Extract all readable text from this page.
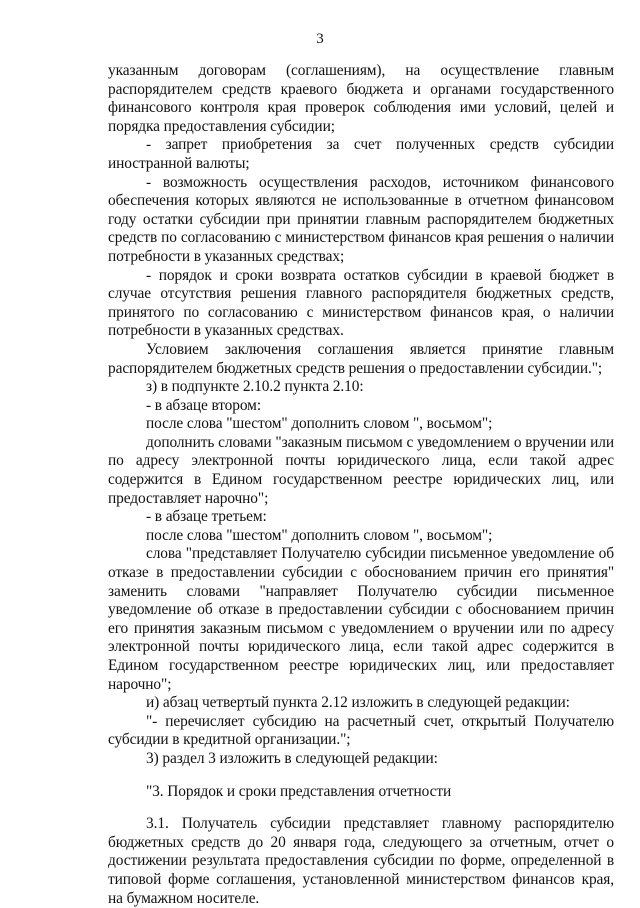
3

указанным договорам (соглашениям), на осуществление главным распорядителем средств краевого бюджета и органами государственного финансового контроля края проверок соблюдения ими условий, целей и порядка предоставления субсидии;

- запрет приобретения за счет полученных средств субсидии иностранной валюты;

- возможность осуществления расходов, источником финансового обеспечения которых являются не использованные в отчетном финансовом году остатки субсидии при принятии главным распорядителем бюджетных средств по согласованию с министерством финансов края решения о наличии потребности в указанных средствах;

- порядок и сроки возврата остатков субсидии в краевой бюджет в случае отсутствия решения главного распорядителя бюджетных средств, принятого по согласованию с министерством финансов края, о наличии потребности в указанных средствах.

Условием заключения соглашения является принятие главным распорядителем бюджетных средств решения о предоставлении субсидии.";

з) в подпункте 2.10.2 пункта 2.10:

- в абзаце втором:

после слова "шестом" дополнить словом ", восьмом";

дополнить словами "заказным письмом с уведомлением о вручении или по адресу электронной почты юридического лица, если такой адрес содержится в Едином государственном реестре юридических лиц, или предоставляет нарочно";

- в абзаце третьем:

после слова "шестом" дополнить словом ", восьмом";

слова "представляет Получателю субсидии письменное уведомление об отказе в предоставлении субсидии с обоснованием причин его принятия" заменить словами "направляет Получателю субсидии письменное уведомление об отказе в предоставлении субсидии с обоснованием причин его принятия заказным письмом с уведомлением о вручении или по адресу электронной почты юридического лица, если такой адрес содержится в Едином государственном реестре юридических лиц, или предоставляет нарочно";

и) абзац четвертый пункта 2.12 изложить в следующей редакции:

"- перечисляет субсидию на расчетный счет, открытый Получателю субсидии в кредитной организации.";

3) раздел 3 изложить в следующей редакции:

"3. Порядок и сроки представления отчетности

3.1. Получатель субсидии представляет главному распорядителю бюджетных средств до 20 января года, следующего за отчетным, отчет о достижении результата предоставления субсидии по форме, определенной в типовой форме соглашения, установленной министерством финансов края, на бумажном носителе.
